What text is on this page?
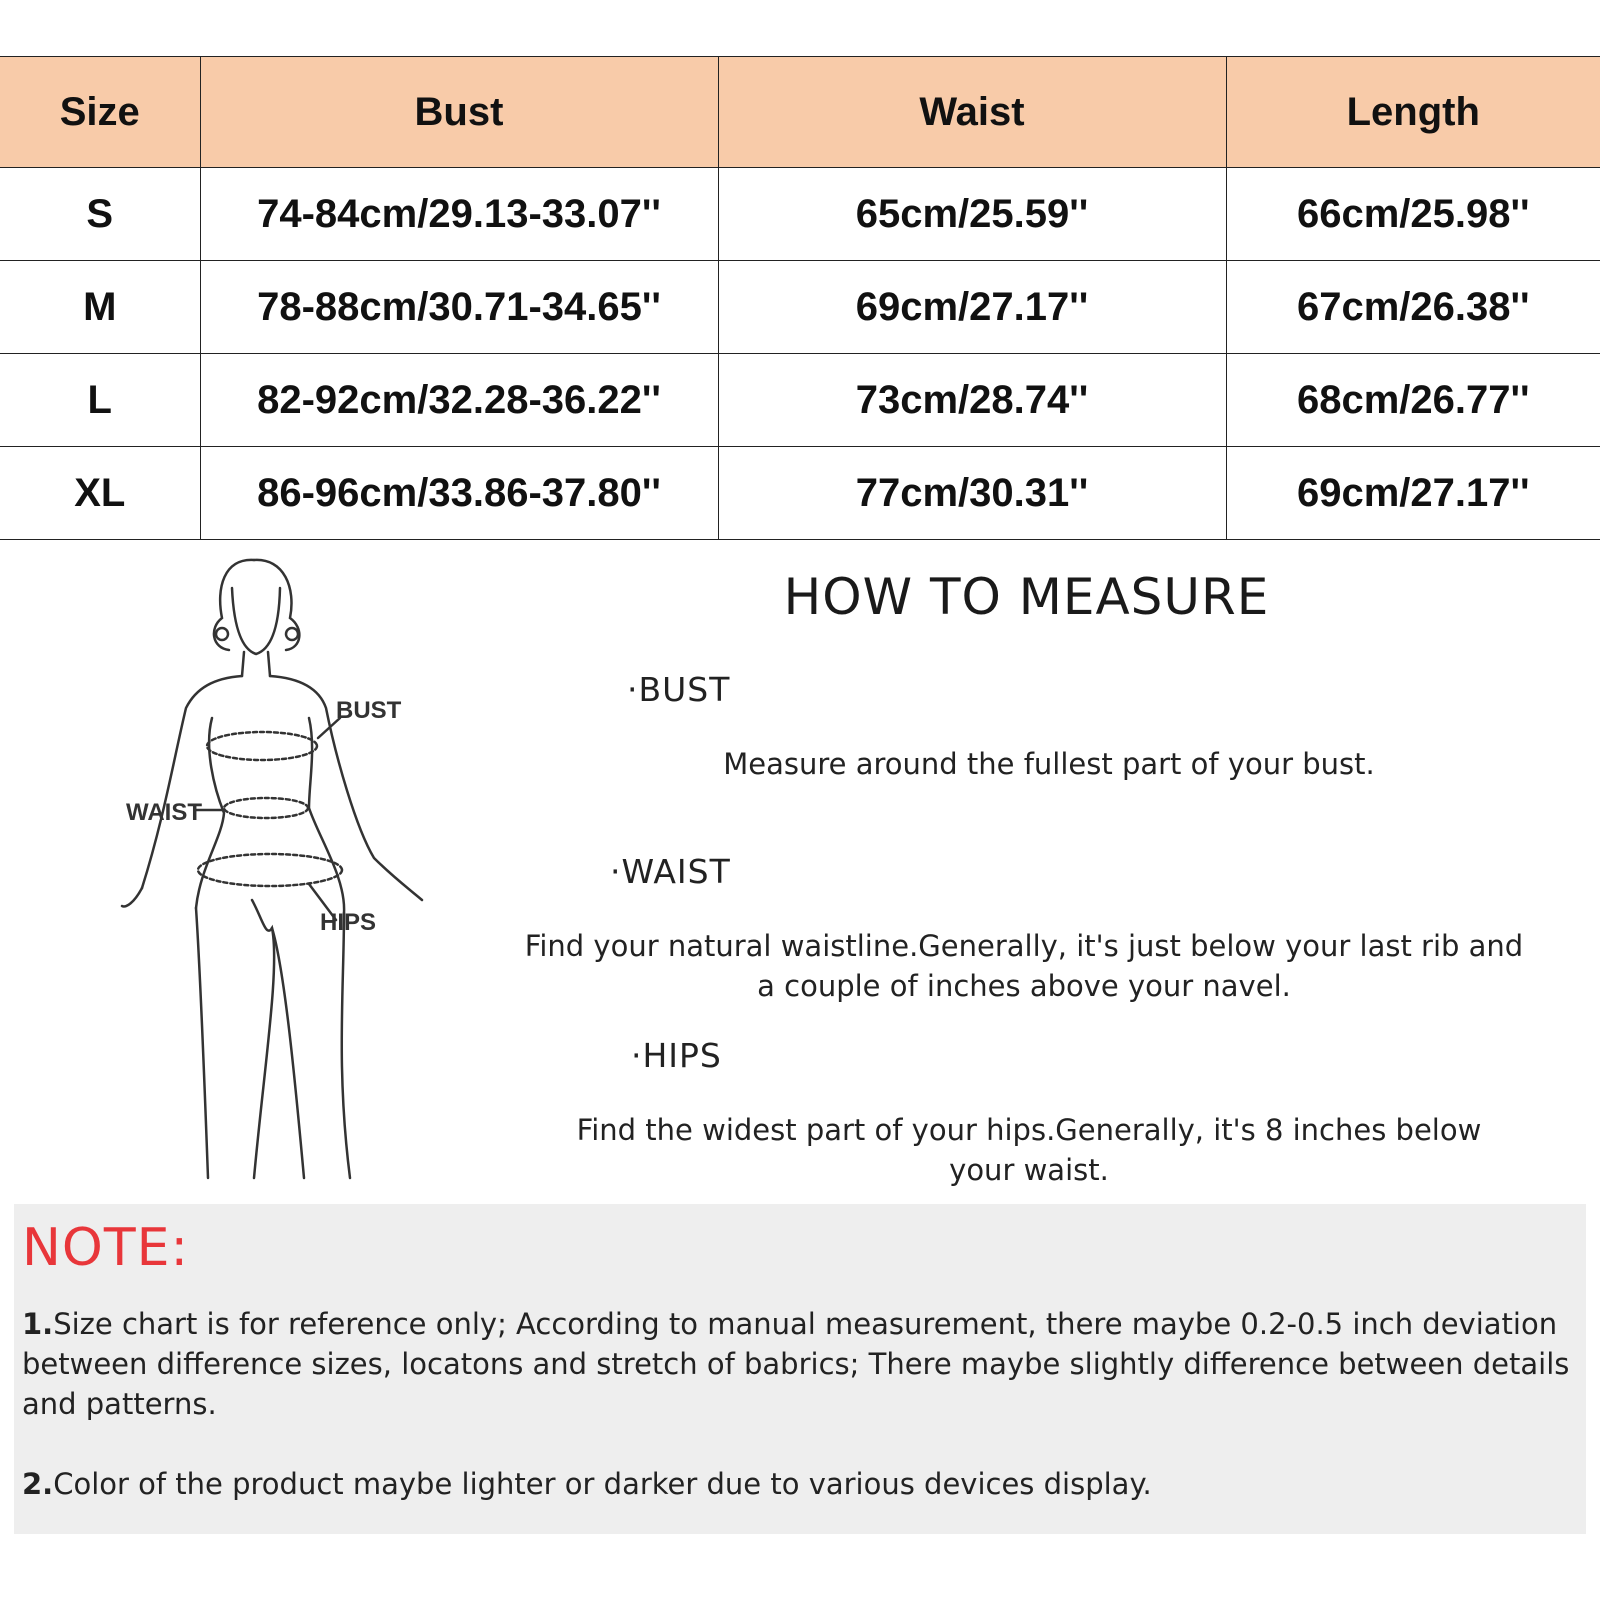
Size	Bust	Waist	Length
S	74-84cm/29.13-33.07''	65cm/25.59''	66cm/25.98''
M	78-88cm/30.71-34.65''	69cm/27.17''	67cm/26.38''
L	82-92cm/32.28-36.22''	73cm/28.74''	68cm/26.77''
XL	86-96cm/33.86-37.80''	77cm/30.31''	69cm/27.17''
BUST
WAIST
HIPS
HOW TO MEASURE
·BUST
Measure around the fullest part of your bust.
·WAIST
Find your natural waistline.Generally, it's just below your last rib and a couple of inches above your navel.
·HIPS
Find the widest part of your hips.Generally, it's 8 inches below your waist.
NOTE:
1.Size chart is for reference only; According to manual measurement, there maybe 0.2-0.5 inch deviation between difference sizes, locatons and stretch of babrics; There maybe slightly difference between details and patterns.
2.Color of the product maybe lighter or darker due to various devices display.
